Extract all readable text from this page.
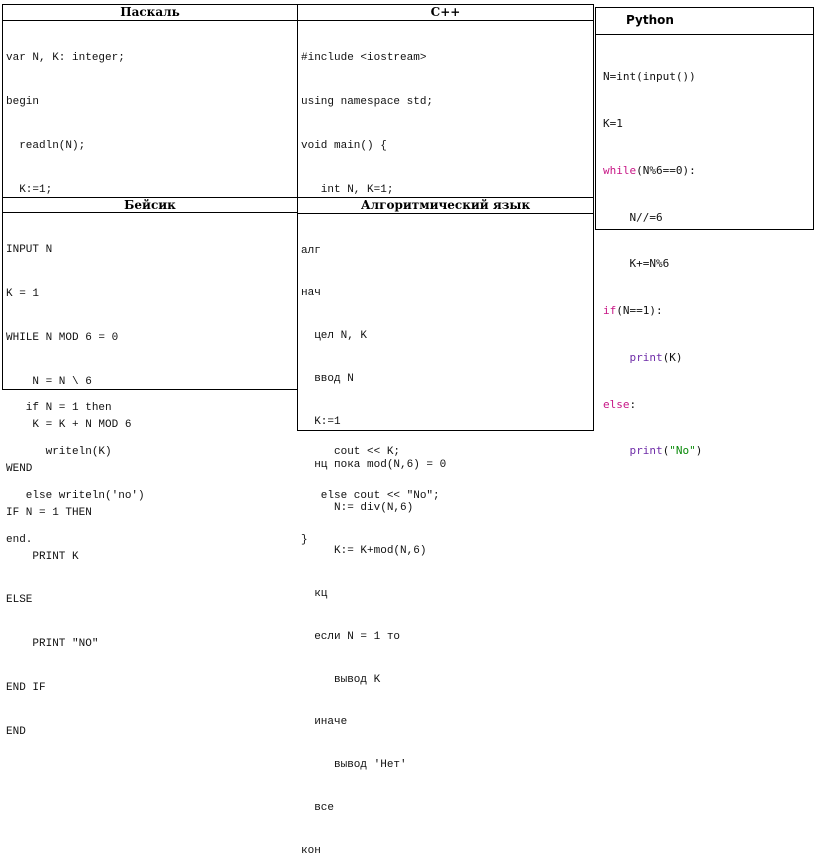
Паскаль

var N, K: integer;

begin

readln(N);

K:=1;

if N = 1 then

writeln(K)

else writeln('no')

end.

C++

#include <iostream>

using namespace std;

void main() {

int N, K=1;

cout << K;

else cout << "No";

}

Python

N=int(input())

K=1

while(N%6==0):

N//=6

K+=N%6

if(N==1):

print(K)

else:

print("No")

Бейсик

INPUT N

K = 1

WHILE N MOD 6 = 0

N = N \ 6

K = K + N MOD 6

WEND

IF N = 1 THEN

PRINT K

ELSE

PRINT "NO"

END IF

END

Алгоритмический язык

алг

нач

цел N, K

ввод N

K:=1

нц пока mod(N,6) = 0

N:= div(N,6)

K:= K+mod(N,6)

кц

если N = 1 то

вывод K

иначе

вывод 'Нет'

все

кон
